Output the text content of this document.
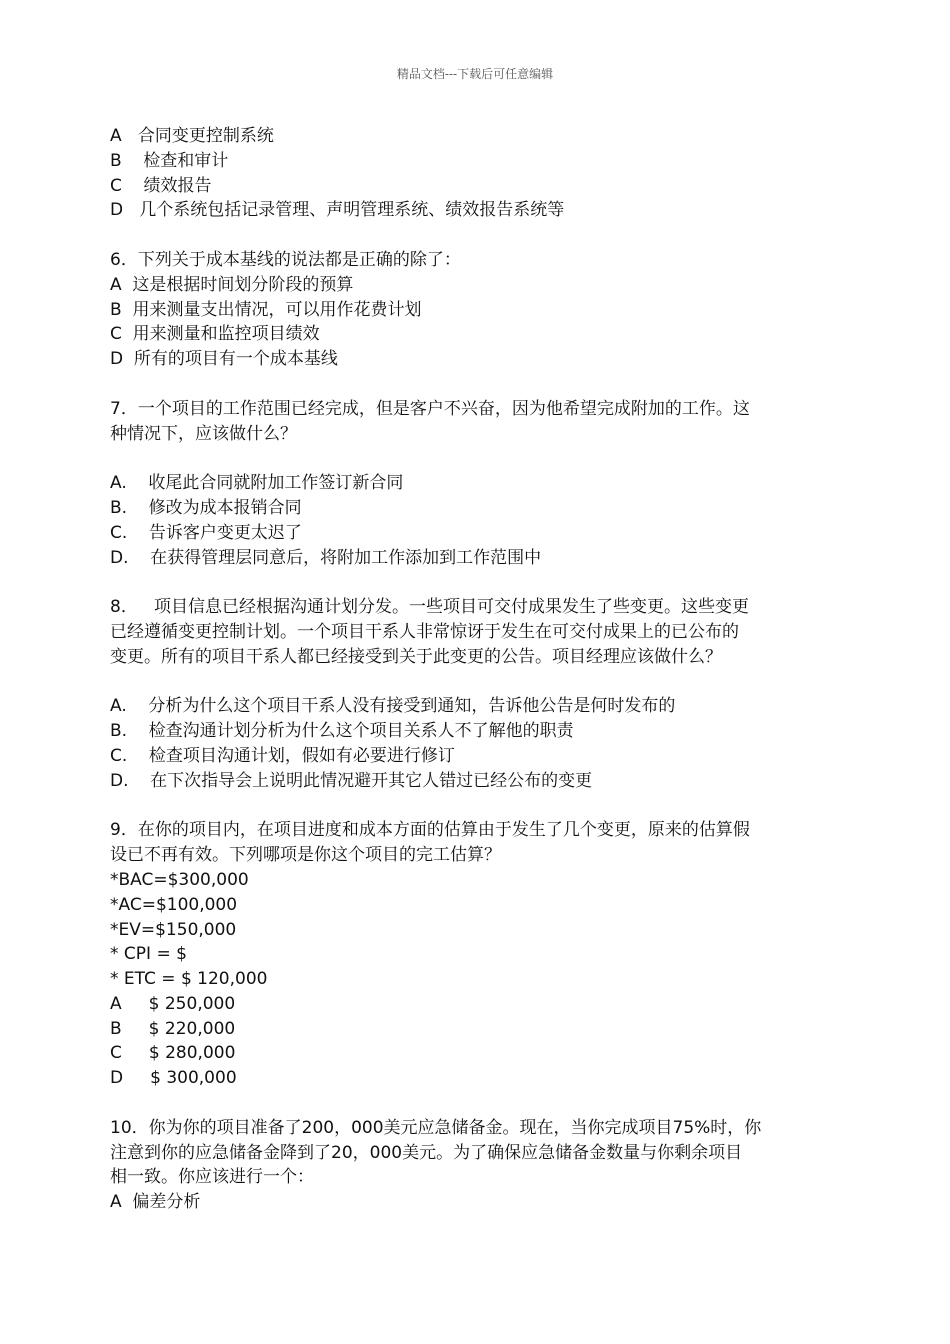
精品文档---下载后可任意编辑
A   合同变更控制系统
B    检查和审计
C    绩效报告
D   几个系统包括记录管理、声明管理系统、绩效报告系统等
6．下列关于成本基线的说法都是正确的除了：
A  这是根据时间划分阶段的预算
B  用来测量支出情况，可以用作花费计划
C  用来测量和监控项目绩效
D  所有的项目有一个成本基线
7．一个项目的工作范围已经完成，但是客户不兴奋，因为他希望完成附加的工作。这
种情况下，应该做什么？
A.    收尾此合同就附加工作签订新合同
B.    修改为成本报销合同
C.    告诉客户变更太迟了
D.    在获得管理层同意后，将附加工作添加到工作范围中
8．   项目信息已经根据沟通计划分发。一些项目可交付成果发生了些变更。这些变更
已经遵循变更控制计划。一个项目干系人非常惊讶于发生在可交付成果上的已公布的
变更。所有的项目干系人都已经接受到关于此变更的公告。项目经理应该做什么？
A.    分析为什么这个项目干系人没有接受到通知，告诉他公告是何时发布的
B.    检查沟通计划分析为什么这个项目关系人不了解他的职责
C.    检查项目沟通计划，假如有必要进行修订
D.    在下次指导会上说明此情况避开其它人错过已经公布的变更
9．在你的项目内，在项目进度和成本方面的估算由于发生了几个变更，原来的估算假
设已不再有效。下列哪项是你这个项目的完工估算？
*BAC=$300,000
*AC=$100,000
*EV=$150,000
* CPI = $
* ETC = $ 120,000
A     $ 250,000
B     $ 220,000
C     $ 280,000
D     $ 300,000
10．你为你的项目准备了200，000美元应急储备金。现在，当你完成项目75%时，你
注意到你的应急储备金降到了20，000美元。为了确保应急储备金数量与你剩余项目
相一致。你应该进行一个：
A  偏差分析
